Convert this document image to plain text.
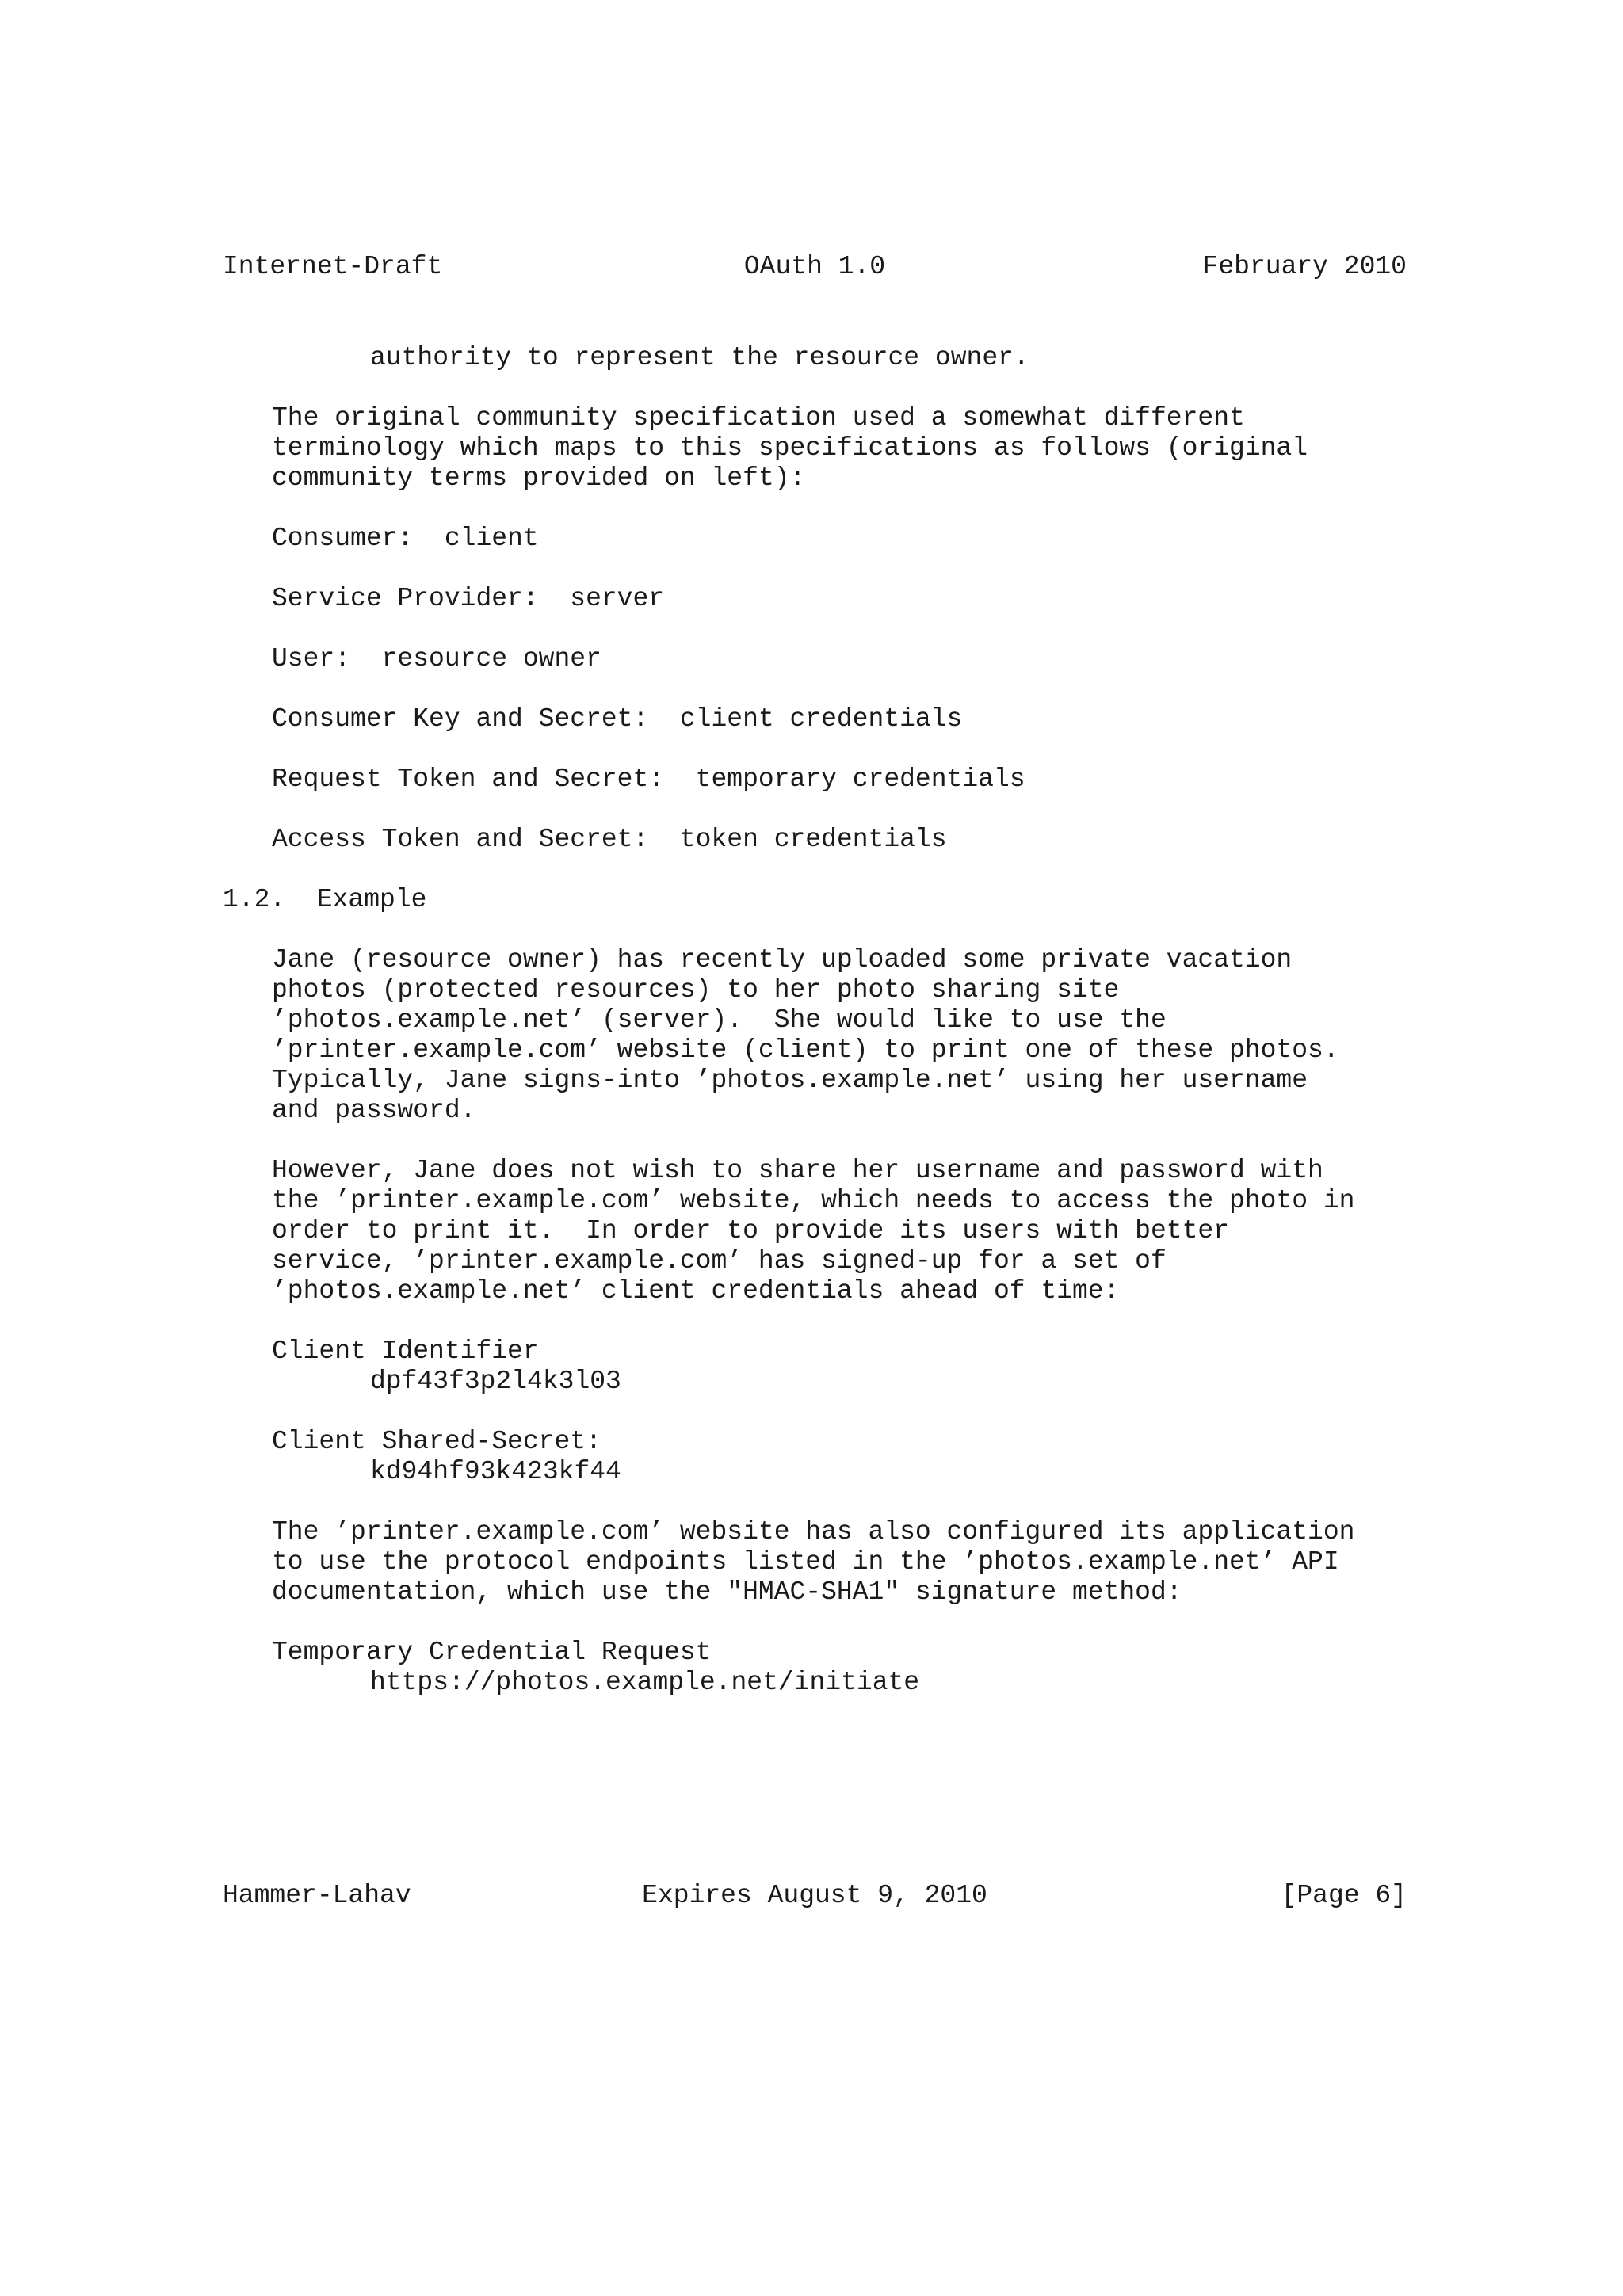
Internet-Draft	OAuth 1.0	February 2010
authority to represent the resource owner.
The original community specification used a somewhat different
terminology which maps to this specifications as follows (original
community terms provided on left):
Consumer:  client
Service Provider:  server
User:  resource owner
Consumer Key and Secret:  client credentials
Request Token and Secret:  temporary credentials
Access Token and Secret:  token credentials
1.2.  Example
Jane (resource owner) has recently uploaded some private vacation
photos (protected resources) to her photo sharing site
’photos.example.net’ (server).  She would like to use the
’printer.example.com’ website (client) to print one of these photos.
Typically, Jane signs-into ’photos.example.net’ using her username
and password.
However, Jane does not wish to share her username and password with
the ’printer.example.com’ website, which needs to access the photo in
order to print it.  In order to provide its users with better
service, ’printer.example.com’ has signed-up for a set of
’photos.example.net’ client credentials ahead of time:
Client Identifier
dpf43f3p2l4k3l03
Client Shared-Secret:
kd94hf93k423kf44
The ’printer.example.com’ website has also configured its application
to use the protocol endpoints listed in the ’photos.example.net’ API
documentation, which use the "HMAC-SHA1" signature method:
Temporary Credential Request
https://photos.example.net/initiate
Hammer-Lahav	Expires August 9, 2010	[Page 6]
